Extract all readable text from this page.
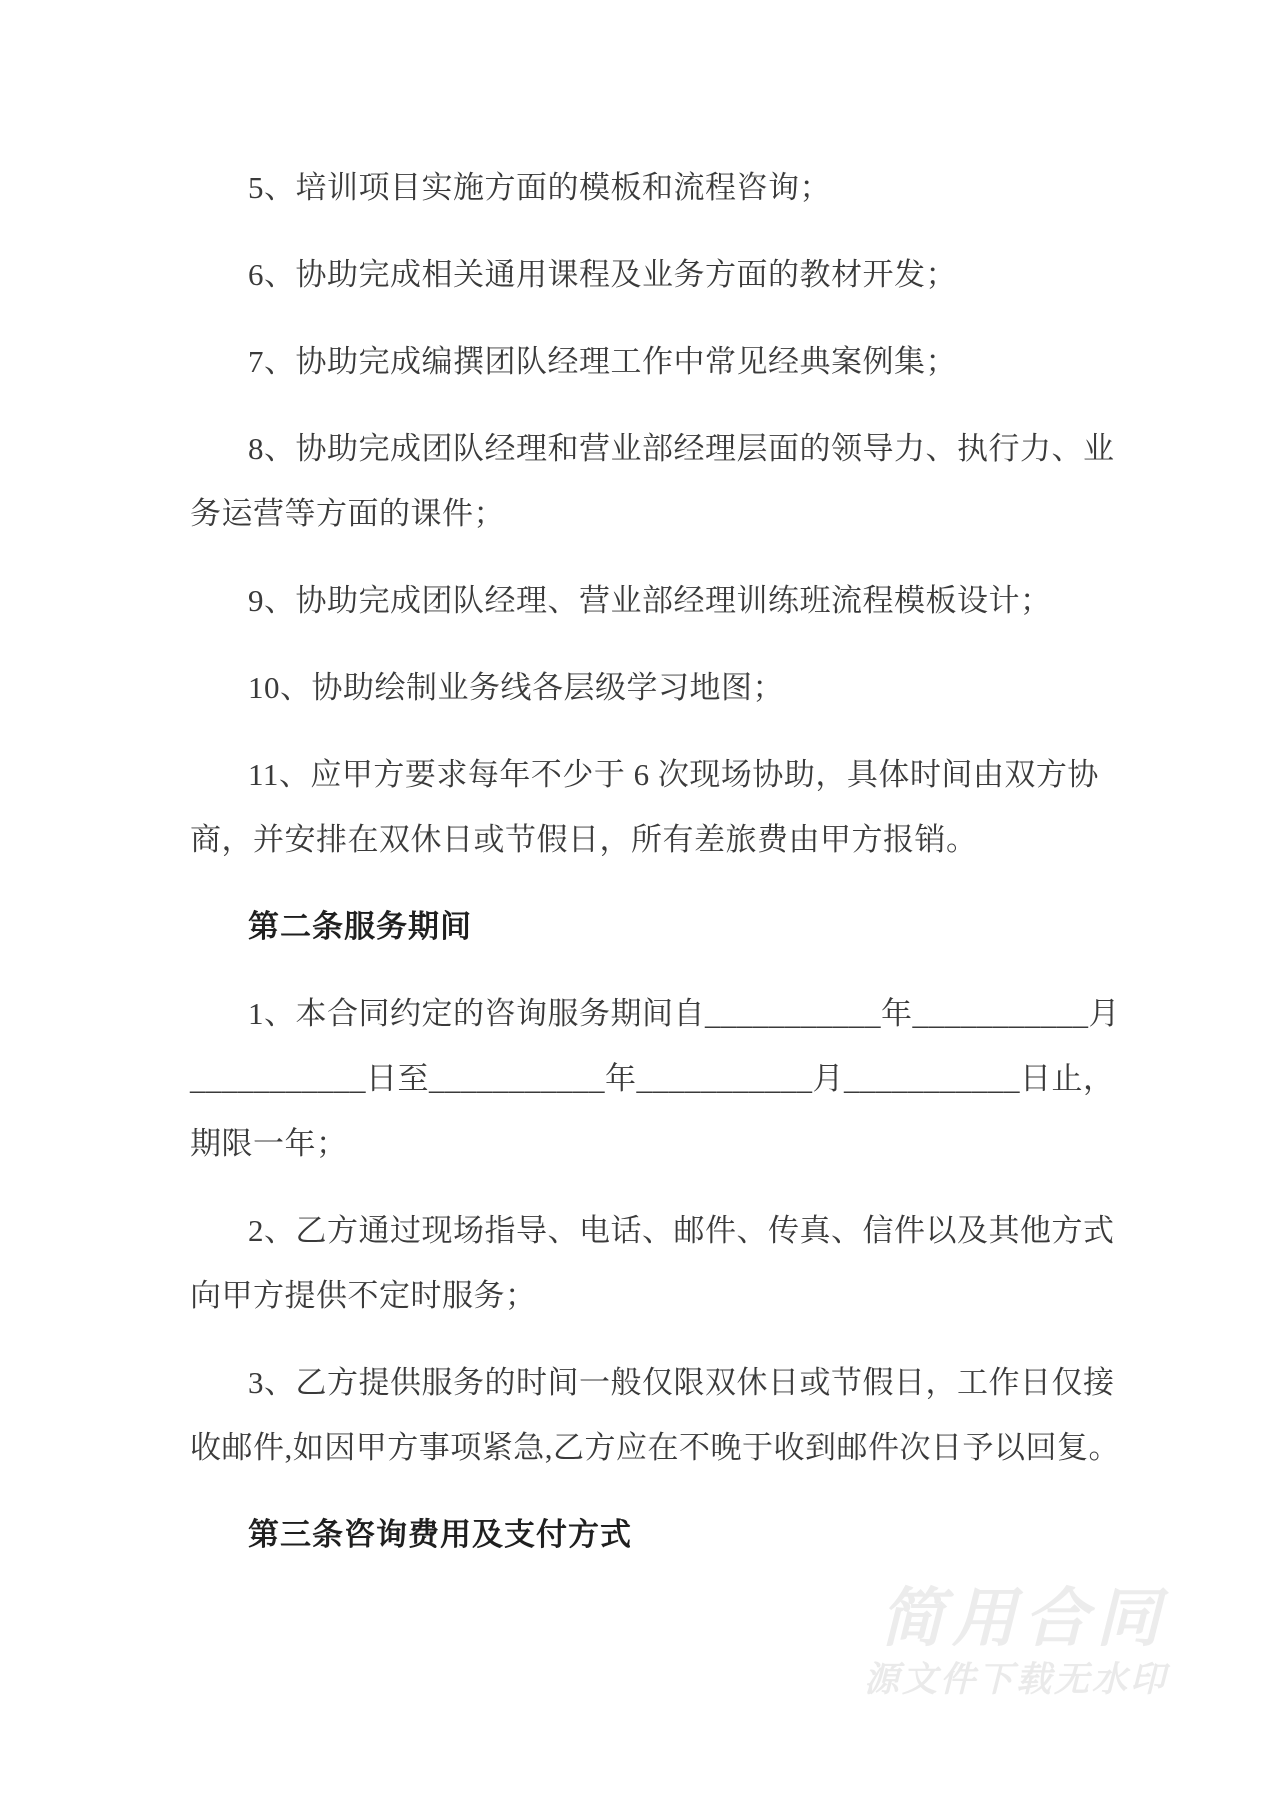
5、培训项目实施方面的模板和流程咨询；
6、协助完成相关通用课程及业务方面的教材开发；
7、协助完成编撰团队经理工作中常见经典案例集；
8、协助完成团队经理和营业部经理层面的领导力、执行力、业
务运营等方面的课件；
9、协助完成团队经理、营业部经理训练班流程模板设计；
10、协助绘制业务线各层级学习地图；
11、应甲方要求每年不少于 6 次现场协助，具体时间由双方协
商，并安排在双休日或节假日，所有差旅费由甲方报销。
第二条服务期间
1、本合同约定的咨询服务期间自___________年___________月
___________日至___________年___________月___________日止，
期限一年；
2、乙方通过现场指导、电话、邮件、传真、信件以及其他方式
向甲方提供不定时服务；
3、乙方提供服务的时间一般仅限双休日或节假日，工作日仅接
收邮件,如因甲方事项紧急,乙方应在不晚于收到邮件次日予以回复。
第三条咨询费用及支付方式
简用合同
源文件下载无水印
